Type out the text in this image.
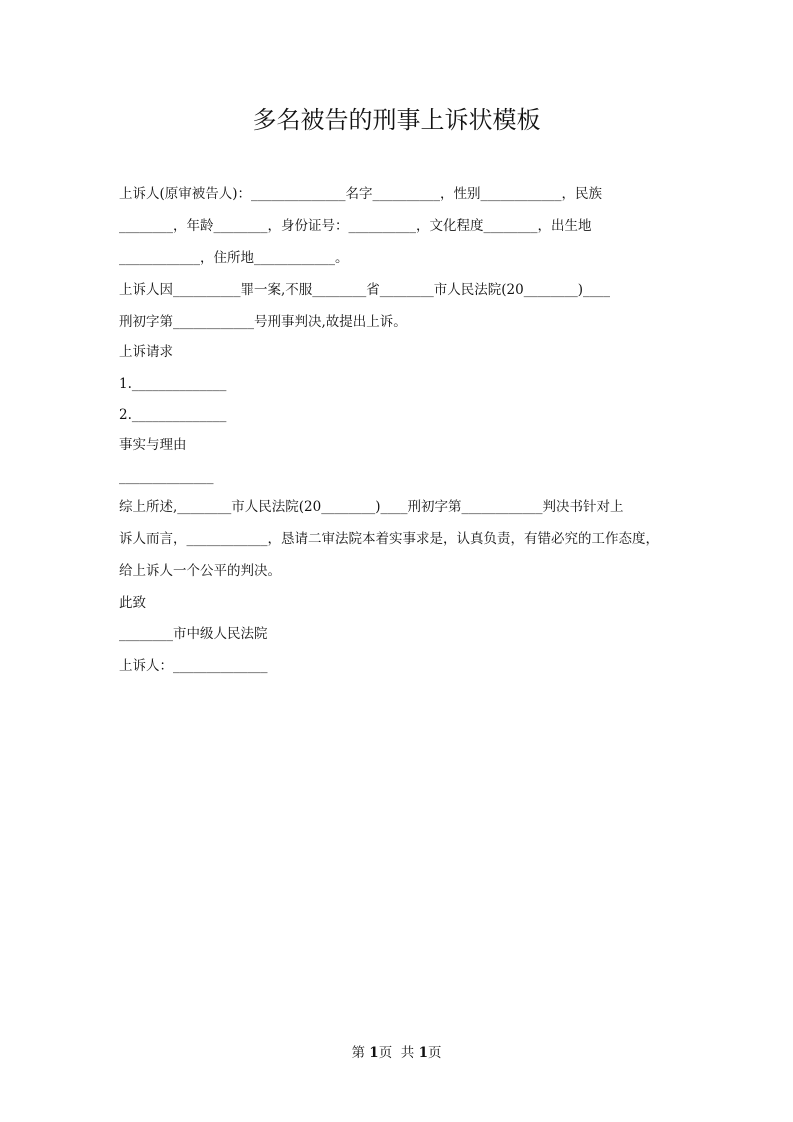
多名被告的刑事上诉状模板
上诉人(原审被告人)：______________名字__________，性别____________，民族
________，年龄________，身份证号：__________，文化程度________，出生地
____________，住所地____________。
上诉人因__________罪一案,不服________省________市人民法院(20________)____
刑初字第____________号刑事判决,故提出上诉。
上诉请求
1.______________
2.______________
事实与理由
______________
综上所述,________市人民法院(20________)____刑初字第____________判决书针对上
诉人而言，____________，恳请二审法院本着实事求是，认真负责，有错必究的工作态度，
给上诉人一个公平的判决。
此致
________市中级人民法院
上诉人：______________
第 1页  共 1页
